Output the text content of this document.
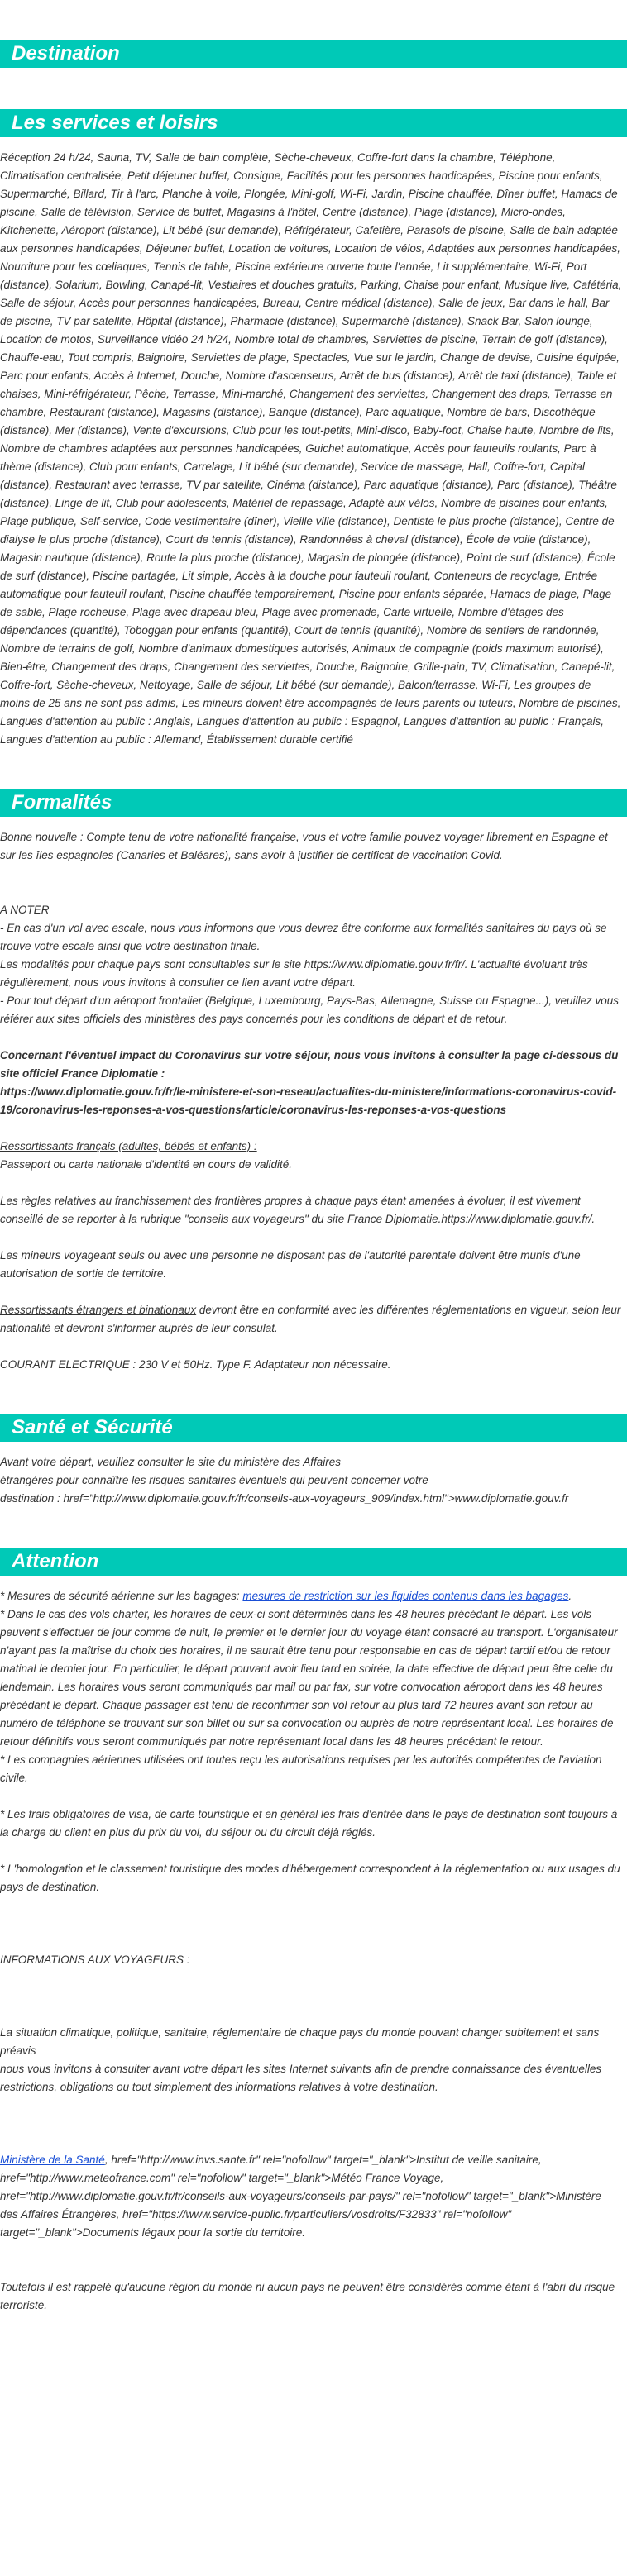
Destination
Les services et loisirs

Réception 24 h/24, Sauna, TV, Salle de bain complète, Sèche-cheveux, Coffre-fort dans la chambre, Téléphone, Climatisation centralisée, Petit déjeuner buffet, Consigne, Facilités pour les personnes handicapées, Piscine pour enfants, Supermarché, Billard, Tir à l'arc, Planche à voile, Plongée, Mini-golf, Wi-Fi, Jardin, Piscine chauffée, Dîner buffet, Hamacs de piscine, Salle de télévision, Service de buffet, Magasins à l'hôtel, Centre (distance), Plage (distance), Micro-ondes, Kitchenette, Aéroport (distance), Lit bébé (sur demande), Réfrigérateur, Cafetière, Parasols de piscine, Salle de bain adaptée aux personnes handicapées, Déjeuner buffet, Location de voitures, Location de vélos, Adaptées aux personnes handicapées, Nourriture pour les cœliaques, Tennis de table, Piscine extérieure ouverte toute l'année, Lit supplémentaire, Wi-Fi, Port (distance), Solarium, Bowling, Canapé-lit, Vestiaires et douches gratuits, Parking, Chaise pour enfant, Musique live, Cafétéria, Salle de séjour, Accès pour personnes handicapées, Bureau, Centre médical (distance), Salle de jeux, Bar dans le hall, Bar de piscine, TV par satellite, Hôpital (distance), Pharmacie (distance), Supermarché (distance), Snack Bar, Salon lounge, Location de motos, Surveillance vidéo 24 h/24, Nombre total de chambres, Serviettes de piscine, Terrain de golf (distance), Chauffe-eau, Tout compris, Baignoire, Serviettes de plage, Spectacles, Vue sur le jardin, Change de devise, Cuisine équipée, Parc pour enfants, Accès à Internet, Douche, Nombre d'ascenseurs, Arrêt de bus (distance), Arrêt de taxi (distance), Table et chaises, Mini-réfrigérateur, Pêche, Terrasse, Mini-marché, Changement des serviettes, Changement des draps, Terrasse en chambre, Restaurant (distance), Magasins (distance), Banque (distance), Parc aquatique, Nombre de bars, Discothèque (distance), Mer (distance), Vente d'excursions, Club pour les tout-petits, Mini-disco, Baby-foot, Chaise haute, Nombre de lits, Nombre de chambres adaptées aux personnes handicapées, Guichet automatique, Accès pour fauteuils roulants, Parc à thème (distance), Club pour enfants, Carrelage, Lit bébé (sur demande), Service de massage, Hall, Coffre-fort, Capital (distance), Restaurant avec terrasse, TV par satellite, Cinéma (distance), Parc aquatique (distance), Parc (distance), Théâtre (distance), Linge de lit, Club pour adolescents, Matériel de repassage, Adapté aux vélos, Nombre de piscines pour enfants, Plage publique, Self-service, Code vestimentaire (dîner), Vieille ville (distance), Dentiste le plus proche (distance), Centre de dialyse le plus proche (distance), Court de tennis (distance), Randonnées à cheval (distance), École de voile (distance), Magasin nautique (distance), Route la plus proche (distance), Magasin de plongée (distance), Point de surf (distance), École de surf (distance), Piscine partagée, Lit simple, Accès à la douche pour fauteuil roulant, Conteneurs de recyclage, Entrée automatique pour fauteuil roulant, Piscine chauffée temporairement, Piscine pour enfants séparée, Hamacs de plage, Plage de sable, Plage rocheuse, Plage avec drapeau bleu, Plage avec promenade, Carte virtuelle, Nombre d'étages des dépendances (quantité), Toboggan pour enfants (quantité), Court de tennis (quantité), Nombre de sentiers de randonnée, Nombre de terrains de golf, Nombre d'animaux domestiques autorisés, Animaux de compagnie (poids maximum autorisé), Bien-être, Changement des draps, Changement des serviettes, Douche, Baignoire, Grille-pain, TV, Climatisation, Canapé-lit, Coffre-fort, Sèche-cheveux, Nettoyage, Salle de séjour, Lit bébé (sur demande), Balcon/terrasse, Wi-Fi, Les groupes de moins de 25 ans ne sont pas admis, Les mineurs doivent être accompagnés de leurs parents ou tuteurs, Nombre de piscines, Langues d'attention au public : Anglais, Langues d'attention au public : Espagnol, Langues d'attention au public : Français, Langues d'attention au public : Allemand, Établissement durable certifié

Formalités

Bonne nouvelle : Compte tenu de votre nationalité française, vous et votre famille pouvez voyager librement en Espagne et sur les îles espagnoles (Canaries et Baléares), sans avoir à justifier de certificat de vaccination Covid.

A NOTER
- En cas d'un vol avec escale, nous vous informons que vous devrez être conforme aux formalités sanitaires du pays où se trouve votre escale ainsi que votre destination finale.
Les modalités pour chaque pays sont consultables sur le site https://www.diplomatie.gouv.fr/fr/. L'actualité évoluant très régulièrement, nous vous invitons à consulter ce lien avant votre départ.
- Pour tout départ d'un aéroport frontalier (Belgique, Luxembourg, Pays-Bas, Allemagne, Suisse ou Espagne...), veuillez vous référer aux sites officiels des ministères des pays concernés pour les conditions de départ et de retour.

Concernant l'éventuel impact du Coronavirus sur votre séjour, nous vous invitons à consulter la page ci-dessous du site officiel France Diplomatie :
https://www.diplomatie.gouv.fr/fr/le-ministere-et-son-reseau/actualites-du-ministere/informations-coronavirus-covid-19/coronavirus-les-reponses-a-vos-questions/article/coronavirus-les-reponses-a-vos-questions

Ressortissants français (adultes, bébés et enfants) :

Passeport ou carte nationale d'identité en cours de validité.

Les règles relatives au franchissement des frontières propres à chaque pays étant amenées à évoluer, il est vivement conseillé de se reporter à la rubrique "conseils aux voyageurs" du site France Diplomatie.https://www.diplomatie.gouv.fr/.

Les mineurs voyageant seuls ou avec une personne ne disposant pas de l'autorité parentale doivent être munis d'une autorisation de sortie de territoire.

Ressortissants étrangers et binationaux devront être en conformité avec les différentes réglementations en vigueur, selon leur nationalité et devront s'informer auprès de leur consulat.

COURANT ELECTRIQUE : 230 V et 50Hz. Type F. Adaptateur non nécessaire.

Santé et Sécurité

Avant votre départ, veuillez consulter le site du ministère des Affaires
étrangères pour connaître les risques sanitaires éventuels qui peuvent concerner votre
destination : href="http://www.diplomatie.gouv.fr/fr/conseils-aux-voyageurs_909/index.html">www.diplomatie.gouv.fr

Attention

* Mesures de sécurité aérienne sur les bagages: mesures de restriction sur les liquides contenus dans les bagages.

* Dans le cas des vols charter, les horaires de ceux-ci sont déterminés dans les 48 heures précédant le départ. Les vols peuvent s'effectuer de jour comme de nuit, le premier et le dernier jour du voyage étant consacré au transport. L'organisateur n'ayant pas la maîtrise du choix des horaires, il ne saurait être tenu pour responsable en cas de départ tardif et/ou de retour matinal le dernier jour. En particulier, le départ pouvant avoir lieu tard en soirée, la date effective de départ peut être celle du lendemain. Les horaires vous seront communiqués par mail ou par fax, sur votre convocation aéroport dans les 48 heures précédant le départ. Chaque passager est tenu de reconfirmer son vol retour au plus tard 72 heures avant son retour au numéro de téléphone se trouvant sur son billet ou sur sa convocation ou auprès de notre représentant local. Les horaires de retour définitifs vous seront communiqués par notre représentant local dans les 48 heures précédant le retour.
* Les compagnies aériennes utilisées ont toutes reçu les autorisations requises par les autorités compétentes de l'aviation civile.

* Les frais obligatoires de visa, de carte touristique et en général les frais d'entrée dans le pays de destination sont toujours à la charge du client en plus du prix du vol, du séjour ou du circuit déjà réglés.

* L'homologation et le classement touristique des modes d'hébergement correspondent à la réglementation ou aux usages du pays de destination.

INFORMATIONS AUX VOYAGEURS :

La situation climatique, politique, sanitaire, réglementaire de chaque pays du monde pouvant changer subitement et sans préavis
nous vous invitons à consulter avant votre départ les sites Internet suivants afin de prendre connaissance des éventuelles restrictions, obligations ou tout simplement des informations relatives à votre destination.

Ministère de la Santé, href="http://www.invs.sante.fr" rel="nofollow" target="_blank">Institut de veille sanitaire, href="http://www.meteofrance.com" rel="nofollow" target="_blank">Météo France Voyage, href="http://www.diplomatie.gouv.fr/fr/conseils-aux-voyageurs/conseils-par-pays/" rel="nofollow" target="_blank">Ministère des Affaires Étrangères, href="https://www.service-public.fr/particuliers/vosdroits/F32833" rel="nofollow" target="_blank">Documents légaux pour la sortie du territoire.

Toutefois il est rappelé qu'aucune région du monde ni aucun pays ne peuvent être considérés comme étant à l'abri du risque terroriste.
